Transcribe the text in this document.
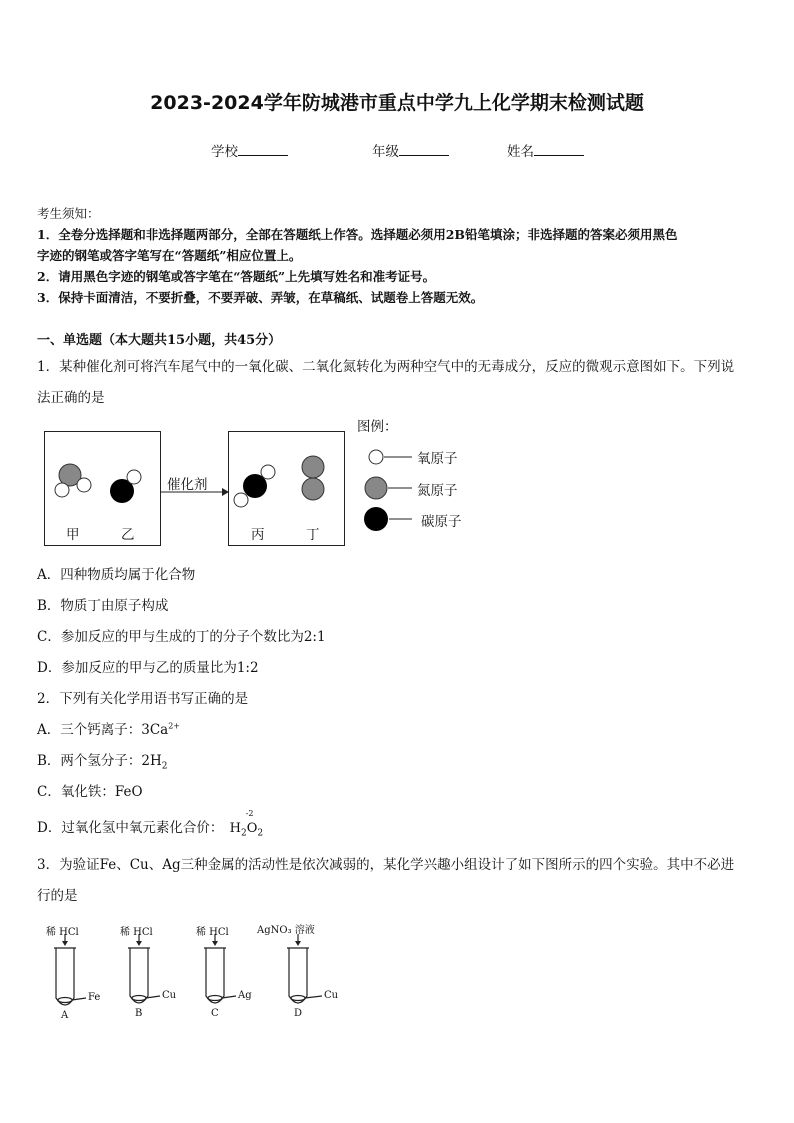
2023-2024学年防城港市重点中学九上化学期末检测试题
学校	年级	姓名
考生须知：
1．全卷分选择题和非选择题两部分，全部在答题纸上作答。选择题必须用2B铅笔填涂；非选择题的答案必须用黑色
字迹的钢笔或答字笔写在“答题纸”相应位置上。
2．请用黑色字迹的钢笔或答字笔在“答题纸”上先填写姓名和准考证号。
3．保持卡面清洁，不要折叠，不要弄破、弄皱，在草稿纸、试题卷上答题无效。
一、单选题（本大题共15小题，共45分）
1．某种催化剂可将汽车尾气中的一氧化碳、二氧化氮转化为两种空气中的无毒成分，反应的微观示意图如下。下列说
法正确的是
催化剂
甲	乙	丙	丁
图例：
氧原子
氮原子
碳原子
A．四种物质均属于化合物
B．物质丁由原子构成
C．参加反应的甲与生成的丁的分子个数比为2:1
D．参加反应的甲与乙的质量比为1:2
2．下列有关化学用语书写正确的是
A．三个钙离子：$3Ca^{2+}$
B．两个氢分子：$2H_2$
C．氧化铁：FeO
D．过氧化氢中氧元素化合价： $H_2$
-2
$O_2$
3．为验证Fe、Cu、Ag三种金属的活动性是依次减弱的，某化学兴趣小组设计了如下图所示的四个实验。其中不必进
行的是
稀 HCl	稀 HCl	稀 HCl	AgNO₃ 溶液
Fe	Cu	Ag	Cu
A	B	C	D
